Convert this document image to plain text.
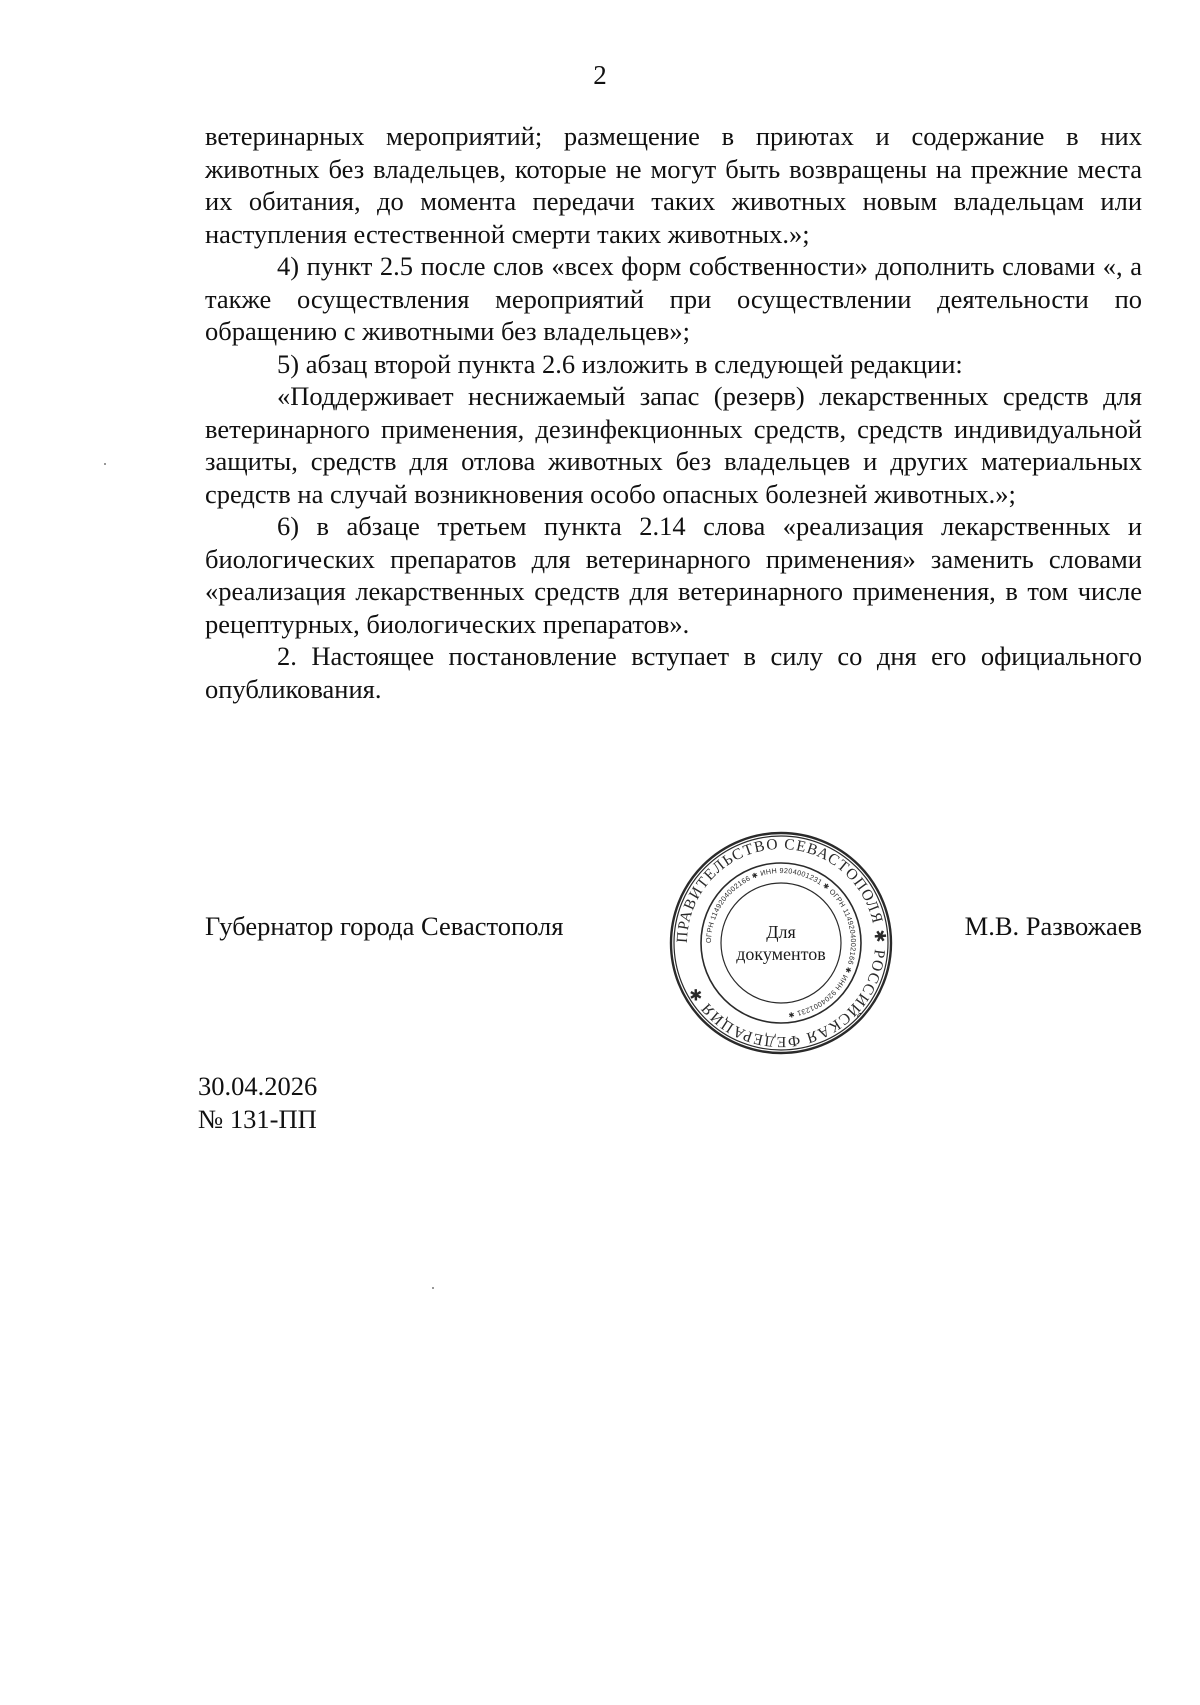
2

ветеринарных мероприятий; размещение в приютах и содержание в них животных без владельцев, которые не могут быть возвращены на прежние места их обитания, до момента передачи таких животных новым владельцам или наступления естественной смерти таких животных.»;

4) пункт 2.5 после слов «всех форм собственности» дополнить словами «, а также осуществления мероприятий при осуществлении деятельности по обращению с животными без владельцев»;

5) абзац второй пункта 2.6 изложить в следующей редакции:

«Поддерживает неснижаемый запас (резерв) лекарственных средств для ветеринарного применения, дезинфекционных средств, средств индивидуальной защиты, средств для отлова животных без владельцев и других материальных средств на случай возникновения особо опасных болезней животных.»;

6) в абзаце третьем пункта 2.14 слова «реализация лекарственных и биологических препаратов для ветеринарного применения» заменить словами «реализация лекарственных средств для ветеринарного применения, в том числе рецептурных, биологических препаратов».

2. Настоящее постановление вступает в силу со дня его официального опубликования.

Губернатор города Севастополя	М.В. Развожаев
ПРАВИТЕЛЬСТВО СЕВАСТОПОЛЯ ✱ РОССИЙСКАЯ ФЕДЕРАЦИЯ ✱
ОГРН 1149204002166 ✱ ИНН 9204001231 ✱ ОГРН 1149204002166 ✱ ИНН 9204001231 ✱
Для
документов
30.04.2026
№ 131-ПП
